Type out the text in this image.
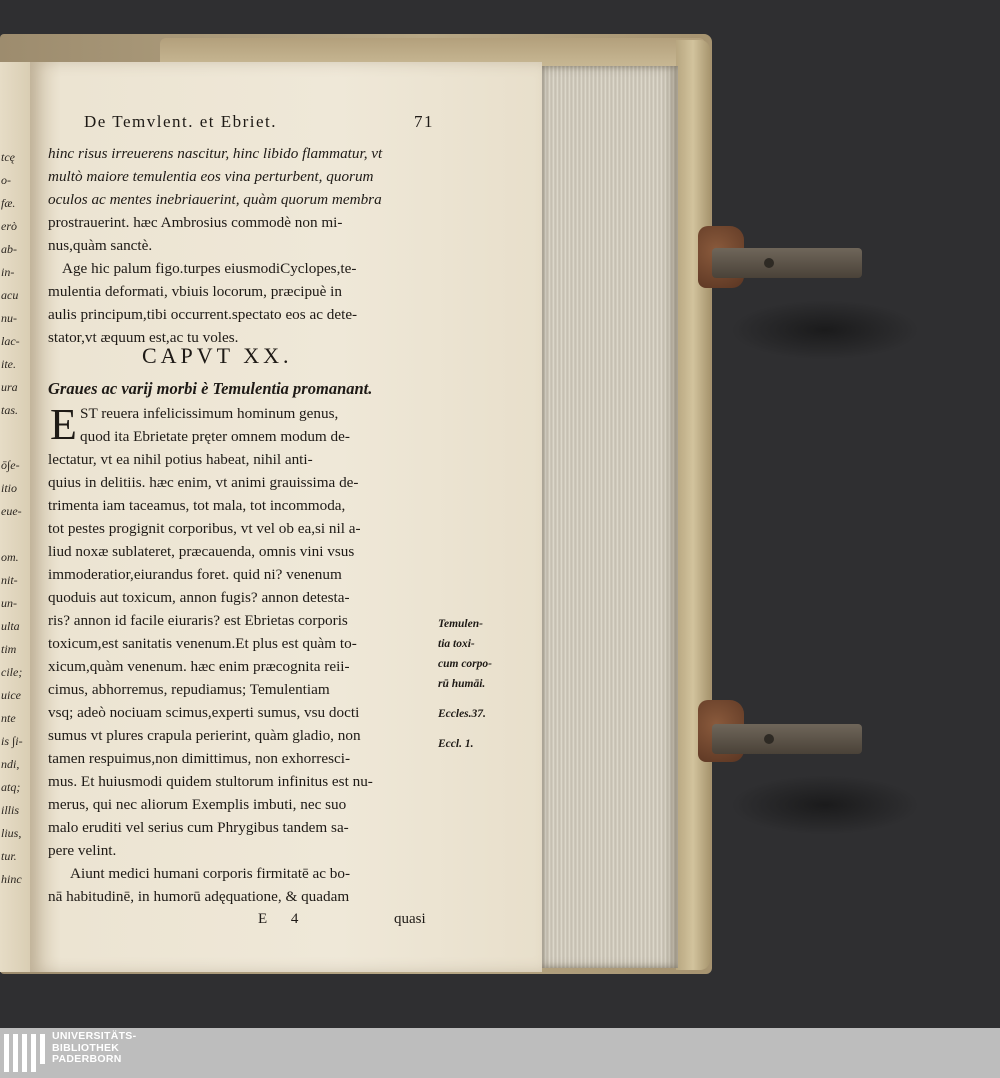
tcę
o-
fæ.
erò
ab-
in-
acu
nu-
lac-
ite.
ura
tas.
ō∫e-
itio
eue-
om.
nit-
un-
ulta
tim
cile;
uice
nte
is ∫i-
ndi,
atq;
illis
lius,
tur.
hinc
De Temvlent. et Ebriet.	71
hinc risus irreuerens nascitur, hinc libido flammatur, vt
multò maiore temulentia eos vina perturbent, quorum
oculos ac mentes inebriauerint, quàm quorum membra
prostrauerint. hæc Ambrosius commodè non mi-
nus,quàm sanctè.
Age hic palum figo.turpes eiusmodiCyclopes,te-
mulentia deformati, vbiuis locorum, præcipuè in
aulis principum,tibi occurrent.spectato eos ac dete-
stator,vt æquum est,ac tu voles.
CAPVT XX.
Graues ac varij morbi è Temulentia promanant.
E ST reuera infelicissimum hominum genus,
quod ita Ebrietate pręter omnem modum de-
lectatur, vt ea nihil potius habeat, nihil anti-
quius in delitiis. hæc enim, vt animi grauissima de-
trimenta iam taceamus, tot mala, tot incommoda,
tot pestes progignit corporibus, vt vel ob ea,si nil a-
liud noxæ sublateret, præcauenda, omnis vini vsus
immoderatior,eiurandus foret. quid ni? venenum
quoduis aut toxicum, annon fugis? annon detesta-
ris? annon id facile eiuraris? est Ebrietas corporis
toxicum,est sanitatis venenum.Et plus est quàm to-
xicum,quàm venenum. hæc enim præcognita reii-
cimus, abhorremus, repudiamus; Temulentiam
vsq; adeò nociuam scimus,experti sumus, vsu docti
sumus vt plures crapula perierint, quàm gladio, non
tamen respuimus,non dimittimus, non exhorresci-
mus. Et huiusmodi quidem stultorum infinitus est nu-
merus, qui nec aliorum Exemplis imbuti, nec suo
malo eruditi vel serius cum Phrygibus tandem sa-
pere velint.
Aiunt medici humani corporis firmitatē ac bo-
nā habitudinē, in humorū adęquatione, & quadam
Temulen-
tia toxi-
cum corpo-
rū humāi.
Eccles.37.
Eccl. 1.
E 4	quasi
UNIVERSITÄTS-
BIBLIOTHEK
PADERBORN
